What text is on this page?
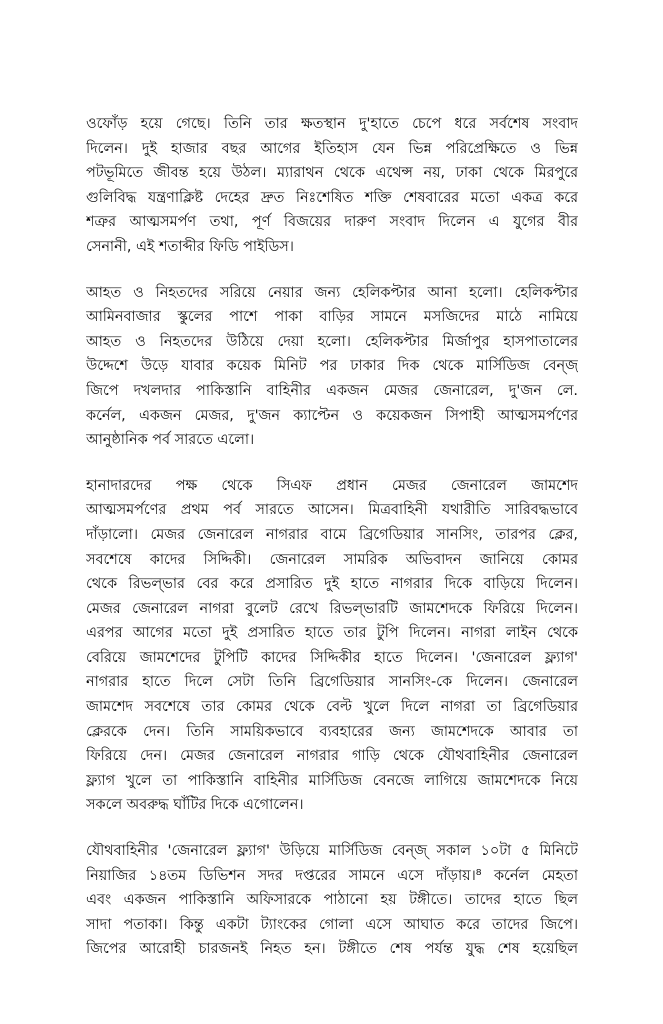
ওফোঁড় হয়ে গেছে। তিনি তার ক্ষতস্থান দু'হাতে চেপে ধরে সর্বশেষ সংবাদ
দিলেন। দুই হাজার বছর আগের ইতিহাস যেন ভিন্ন পরিপ্রেক্ষিতে ও ভিন্ন
পটভূমিতে জীবন্ত হয়ে উঠল। ম্যারাথন থেকে এথেন্স নয়, ঢাকা থেকে মিরপুরে
গুলিবিদ্ধ যন্ত্রণাক্লিষ্ট দেহের দ্রুত নিঃশেষিত শক্তি শেষবারের মতো একত্র করে
শত্রুর আত্মসমর্পণ তথা, পূর্ণ বিজয়ের দারুণ সংবাদ দিলেন এ যুগের বীর
সেনানী, এই শতাব্দীর ফিডি পাইডিস।

আহত ও নিহতদের সরিয়ে নেয়ার জন্য হেলিকপ্টার আনা হলো। হেলিকপ্টার
আমিনবাজার স্কুলের পাশে পাকা বাড়ির সামনে মসজিদের মাঠে নামিয়ে
আহত ও নিহতদের উঠিয়ে দেয়া হলো। হেলিকপ্টার মির্জাপুর হাসপাতালের
উদ্দেশে উড়ে যাবার কয়েক মিনিট পর ঢাকার দিক থেকে মার্সিডিজ বেন্জ্
জিপে দখলদার পাকিস্তানি বাহিনীর একজন মেজর জেনারেল, দু'জন লে.
কর্নেল, একজন মেজর, দু'জন ক্যাপ্টেন ও কয়েকজন সিপাহী আত্মসমর্পণের
আনুষ্ঠানিক পর্ব সারতে এলো।

হানাদারদের পক্ষ থেকে সিএফ প্রধান মেজর জেনারেল জামশেদ
আত্মসমর্পণের প্রথম পর্ব সারতে আসেন। মিত্রবাহিনী যথারীতি সারিবদ্ধভাবে
দাঁড়ালো। মেজর জেনারেল নাগরার বামে ব্রিগেডিয়ার সানসিং, তারপর ক্লের,
সবশেষে কাদের সিদ্দিকী। জেনারেল সামরিক অভিবাদন জানিয়ে কোমর
থেকে রিভল্ভার বের করে প্রসারিত দুই হাতে নাগরার দিকে বাড়িয়ে দিলেন।
মেজর জেনারেল নাগরা বুলেট রেখে রিভল্ভারটি জামশেদকে ফিরিয়ে দিলেন।
এরপর আগের মতো দুই প্রসারিত হাতে তার টুপি দিলেন। নাগরা লাইন থেকে
বেরিয়ে জামশেদের টুপিটি কাদের সিদ্দিকীর হাতে দিলেন। 'জেনারেল ফ্ল্যাগ'
নাগরার হাতে দিলে সেটা তিনি ব্রিগেডিয়ার সানসিং-কে দিলেন। জেনারেল
জামশেদ সবশেষে তার কোমর থেকে বেল্ট খুলে দিলে নাগরা তা ব্রিগেডিয়ার
ক্লেরকে দেন। তিনি সাময়িকভাবে ব্যবহারের জন্য জামশেদকে আবার তা
ফিরিয়ে দেন। মেজর জেনারেল নাগরার গাড়ি থেকে যৌথবাহিনীর জেনারেল
ফ্ল্যাগ খুলে তা পাকিস্তানি বাহিনীর মার্সিডিজ বেনজে লাগিয়ে জামশেদকে নিয়ে
সকলে অবরুদ্ধ ঘাঁটির দিকে এগোলেন।

যৌথবাহিনীর 'জেনারেল ফ্ল্যাগ' উড়িয়ে মার্সিডিজ বেন্জ্ সকাল ১০টা ৫ মিনিটে
নিয়াজির ১৪তম ডিভিশন সদর দপ্তরের সামনে এসে দাঁড়ায়।⁸ কর্নেল মেহতা
এবং একজন পাকিস্তানি অফিসারকে পাঠানো হয় টঙ্গীতে। তাদের হাতে ছিল
সাদা পতাকা। কিন্তু একটা ট্যাংকের গোলা এসে আঘাত করে তাদের জিপে।
জিপের আরোহী চারজনই নিহত হন। টঙ্গীতে শেষ পর্যন্ত যুদ্ধ শেষ হয়েছিল
